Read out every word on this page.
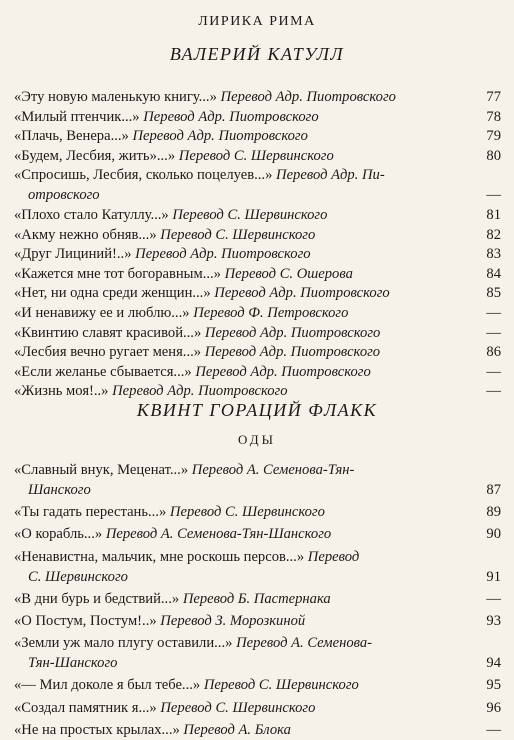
ЛИРИКА РИМА
ВАЛЕРИЙ КАТУЛЛ
КВИНТ ГОРАЦИЙ ФЛАКК
ОДЫ
«Эту новую маленькую книгу...» Перевод Адр. Пиотровского	77
«Милый птенчик...» Перевод Адр. Пиотровского	78
«Плачь, Венера...» Перевод Адр. Пиотровского	79
«Будем, Лесбия, жить»...» Перевод С. Шервинского	80
«Спросишь, Лесбия, сколько поцелуев...» Перевод Адр. Пи-
отровского	—
«Плохо стало Катуллу...» Перевод С. Шервинского	81
«Акму нежно обняв...» Перевод С. Шервинского	82
«Друг Лициний!..» Перевод Адр. Пиотровского	83
«Кажется мне тот богоравным...» Перевод С. Ошерова	84
«Нет, ни одна среди женщин...» Перевод Адр. Пиотровского	85
«И ненавижу ее и люблю...» Перевод Ф. Петровского	—
«Квинтию славят красивой...» Перевод Адр. Пиотровского	—
«Лесбия вечно ругает меня...» Перевод Адр. Пиотровского	86
«Если желанье сбывается...» Перевод Адр. Пиотровского	—
«Жизнь моя!..» Перевод Адр. Пиотровского	—
«Славный внук, Меценат...» Перевод А. Семенова-Тян-
Шанского	87
«Ты гадать перестань...» Перевод С. Шервинского	89
«О корабль...» Перевод А. Семенова-Тян-Шанского	90
«Ненавистна, мальчик, мне роскошь персов...» Перевод
С. Шервинского	91
«В дни бурь и бедствий...» Перевод Б. Пастернака	—
«О Постум, Постум!..» Перевод З. Морозкиной	93
«Земли уж мало плугу оставили...» Перевод А. Семенова-
Тян-Шанского	94
«— Мил доколе я был тебе...» Перевод С. Шервинского	95
«Создал памятник я...» Перевод С. Шервинского	96
«Не на простых крылах...» Перевод А. Блока	—
